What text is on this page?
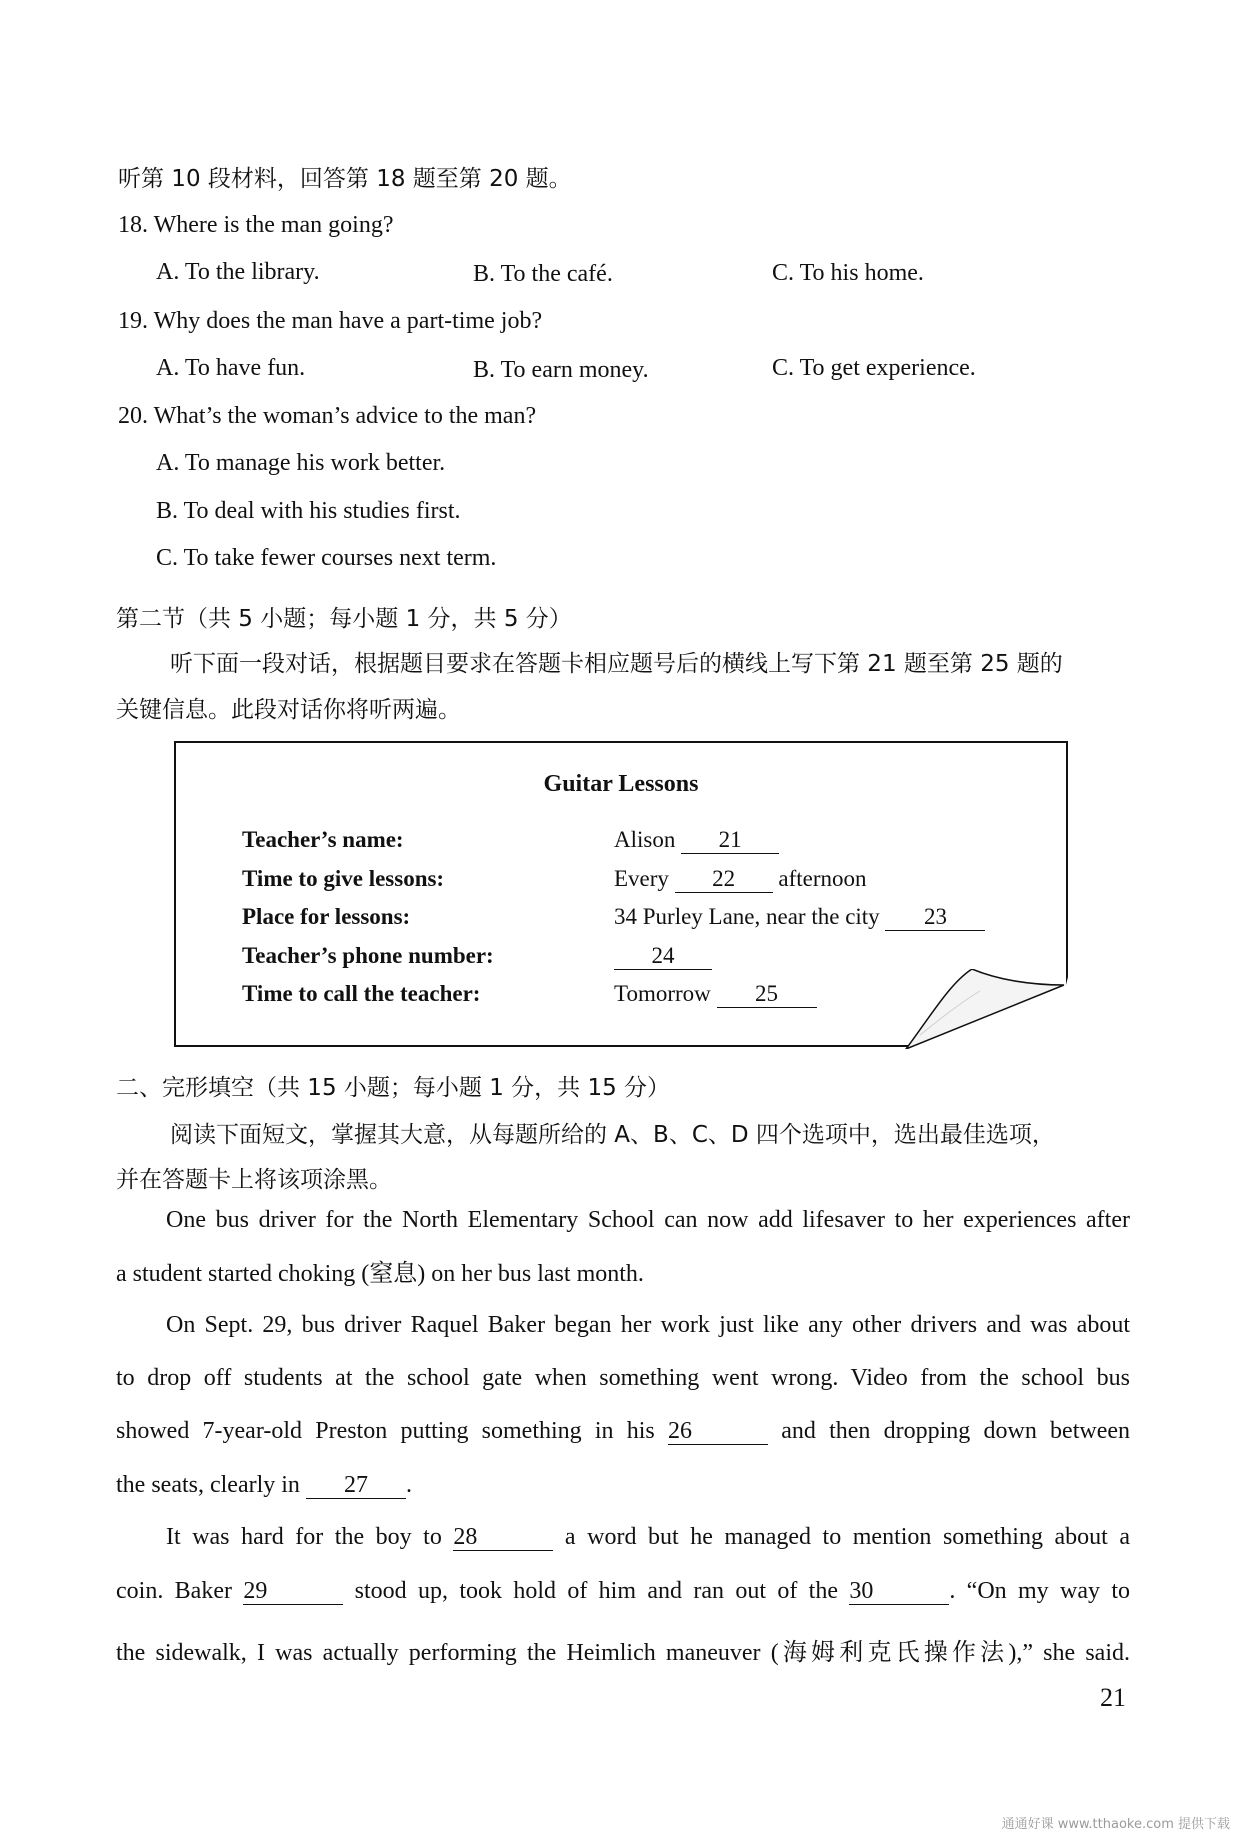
听第 10 段材料，回答第 18 题至第 20 题。
18. Where is the man going?
A. To the library.	B. To the café.	C. To his home.
19. Why does the man have a part-time job?
A. To have fun.	B. To earn money.	C. To get experience.
20. What’s the woman’s advice to the man?
A. To manage his work better.
B. To deal with his studies first.
C. To take fewer courses next term.
第二节（共 5 小题；每小题 1 分，共 5 分）
听下面一段对话，根据题目要求在答题卡相应题号后的横线上写下第 21 题至第 25 题的
关键信息。此段对话你将听两遍。
Guitar Lessons
Teacher’s name:	Alison 21
Time to give lessons:	Every 22 afternoon
Place for lessons:	34 Purley Lane, near the city 23
Teacher’s phone number:	24
Time to call the teacher:	Tomorrow 25
二、完形填空（共 15 小题；每小题 1 分，共 15 分）
阅读下面短文，掌握其大意，从每题所给的 A、B、C、D 四个选项中，选出最佳选项，
并在答题卡上将该项涂黑。
One bus driver for the North Elementary School can now add lifesaver to her experiences after
a student started choking (窒息) on her bus last month.
On Sept. 29, bus driver Raquel Baker began her work just like any other drivers and was about
to drop off students at the school gate when something went wrong. Video from the school bus
showed 7-year-old Preston putting something in his 26	and then dropping down between
the seats, clearly in 27 .
It was hard for the boy to 28	a word but he managed to mention something about a
coin. Baker 29	stood up, took hold of him and ran out of the 30	. “On my way to
the sidewalk, I was actually performing the Heimlich maneuver (海姆利克氏操作法),” she said.
21
通通好课 www.tthaoke.com 提供下载
